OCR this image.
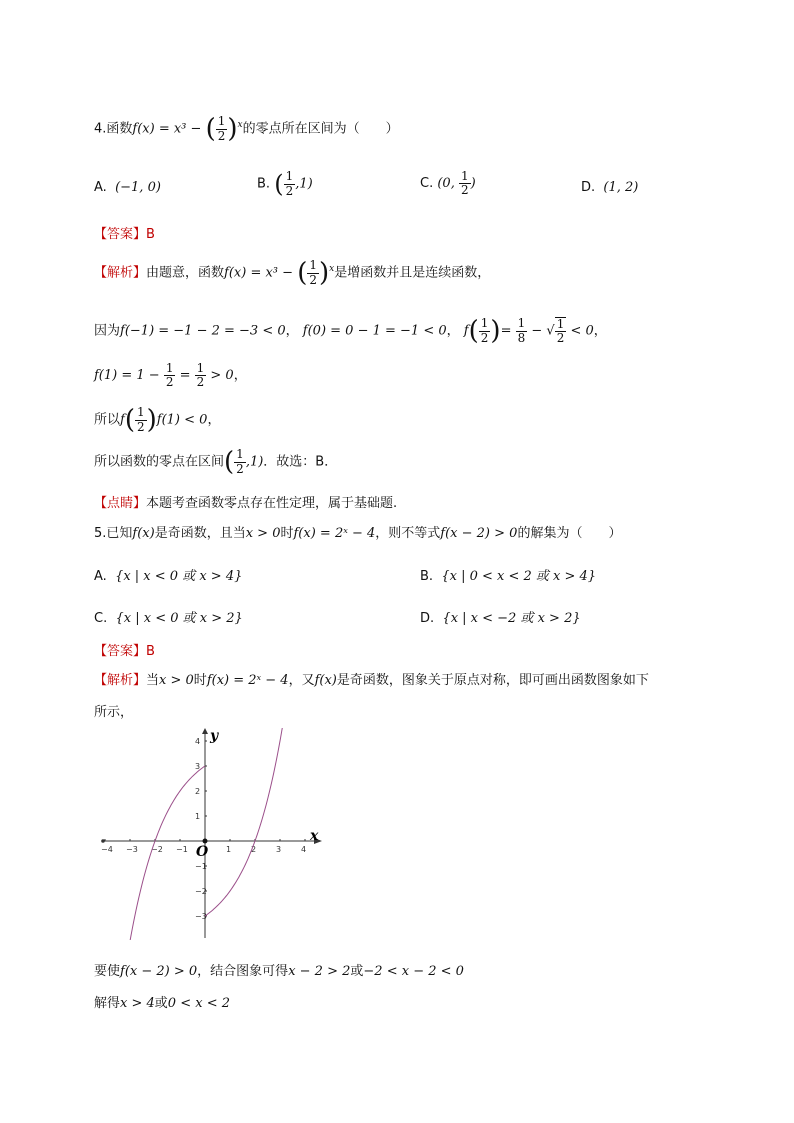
4.函数f(x) = x³ − ( $\frac{1}{2} )^x$的零点所在区间为（　　）
A. (−1, 0)	B. ( $\frac{1}{2} ,1$)	C. (0, $\frac{1}{2}$ )	D. (1, 2)
【答案】B
【解析】由题意，函数f(x) = x³ − ( $\frac{1}{2} )^x$是增函数并且是连续函数，
因为f(−1) = −1 − 2 = −3 < 0， f(0) = 0 − 1 = −1 < 0， $f( \frac{1}{2}$ )= $\frac{1}{8}$ − √ $\frac{1}{2} < 0$，
$f(1) = 1 - \frac{1}{2} = \frac{1}{2} > 0$，
所以$f( \frac{1}{2} )f(1) < 0$，
所以函数的零点在区间( $\frac{1}{2} ,1$)．故选：B．
【点睛】本题考查函数零点存在性定理，属于基础题.
5.已知f(x)是奇函数，且当x > 0时f(x) = 2ˣ − 4，则不等式f(x − 2) > 0的解集为（　　）
A. {x | x < 0 或 x > 4}	B. {x | 0 < x < 2 或 x > 4}
C. {x | x < 0 或 x > 2}	D. {x | x < −2 或 x > 2}
【答案】B
【解析】当x > 0时f(x) = 2ˣ − 4，又f(x)是奇函数，图象关于原点对称，即可画出函数图象如下
所示，
x
y
O
−4 −3 −2 −1	1 2 3 4
4
3
2
1
−1
−2
−3
要使f(x − 2) > 0，结合图象可得x − 2 > 2或−2 < x − 2 < 0
解得x > 4或0 < x < 2
